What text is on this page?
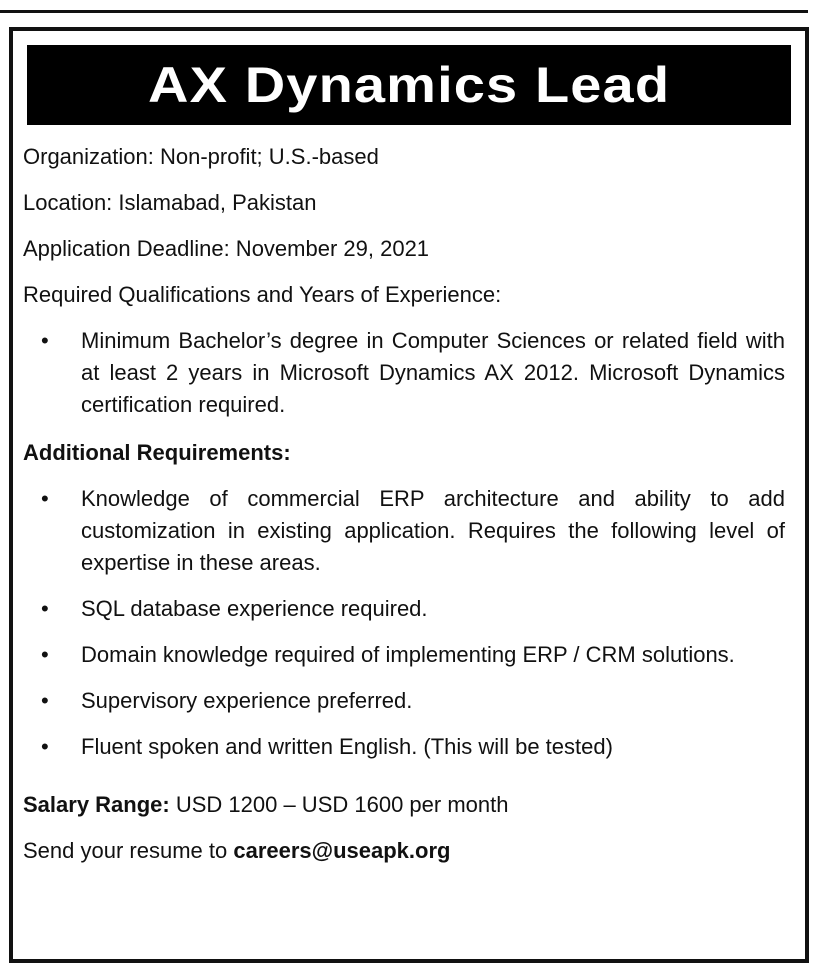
AX Dynamics Lead

Organization: Non-profit; U.S.-based

Location: Islamabad, Pakistan

Application Deadline: November 29, 2021

Required Qualifications and Years of Experience:

• Minimum Bachelor’s degree in Computer Sciences or related field with at least 2 years in Microsoft Dynamics AX 2012. Microsoft Dynamics certification required.

Additional Requirements:

• Knowledge of commercial ERP architecture and ability to add customization in existing application. Requires the following level of expertise in these areas.
• SQL database experience required.
• Domain knowledge required of implementing ERP / CRM solutions.
• Supervisory experience preferred.
• Fluent spoken and written English. (This will be tested)

Salary Range: USD 1200 – USD 1600 per month

Send your resume to careers@useapk.org
